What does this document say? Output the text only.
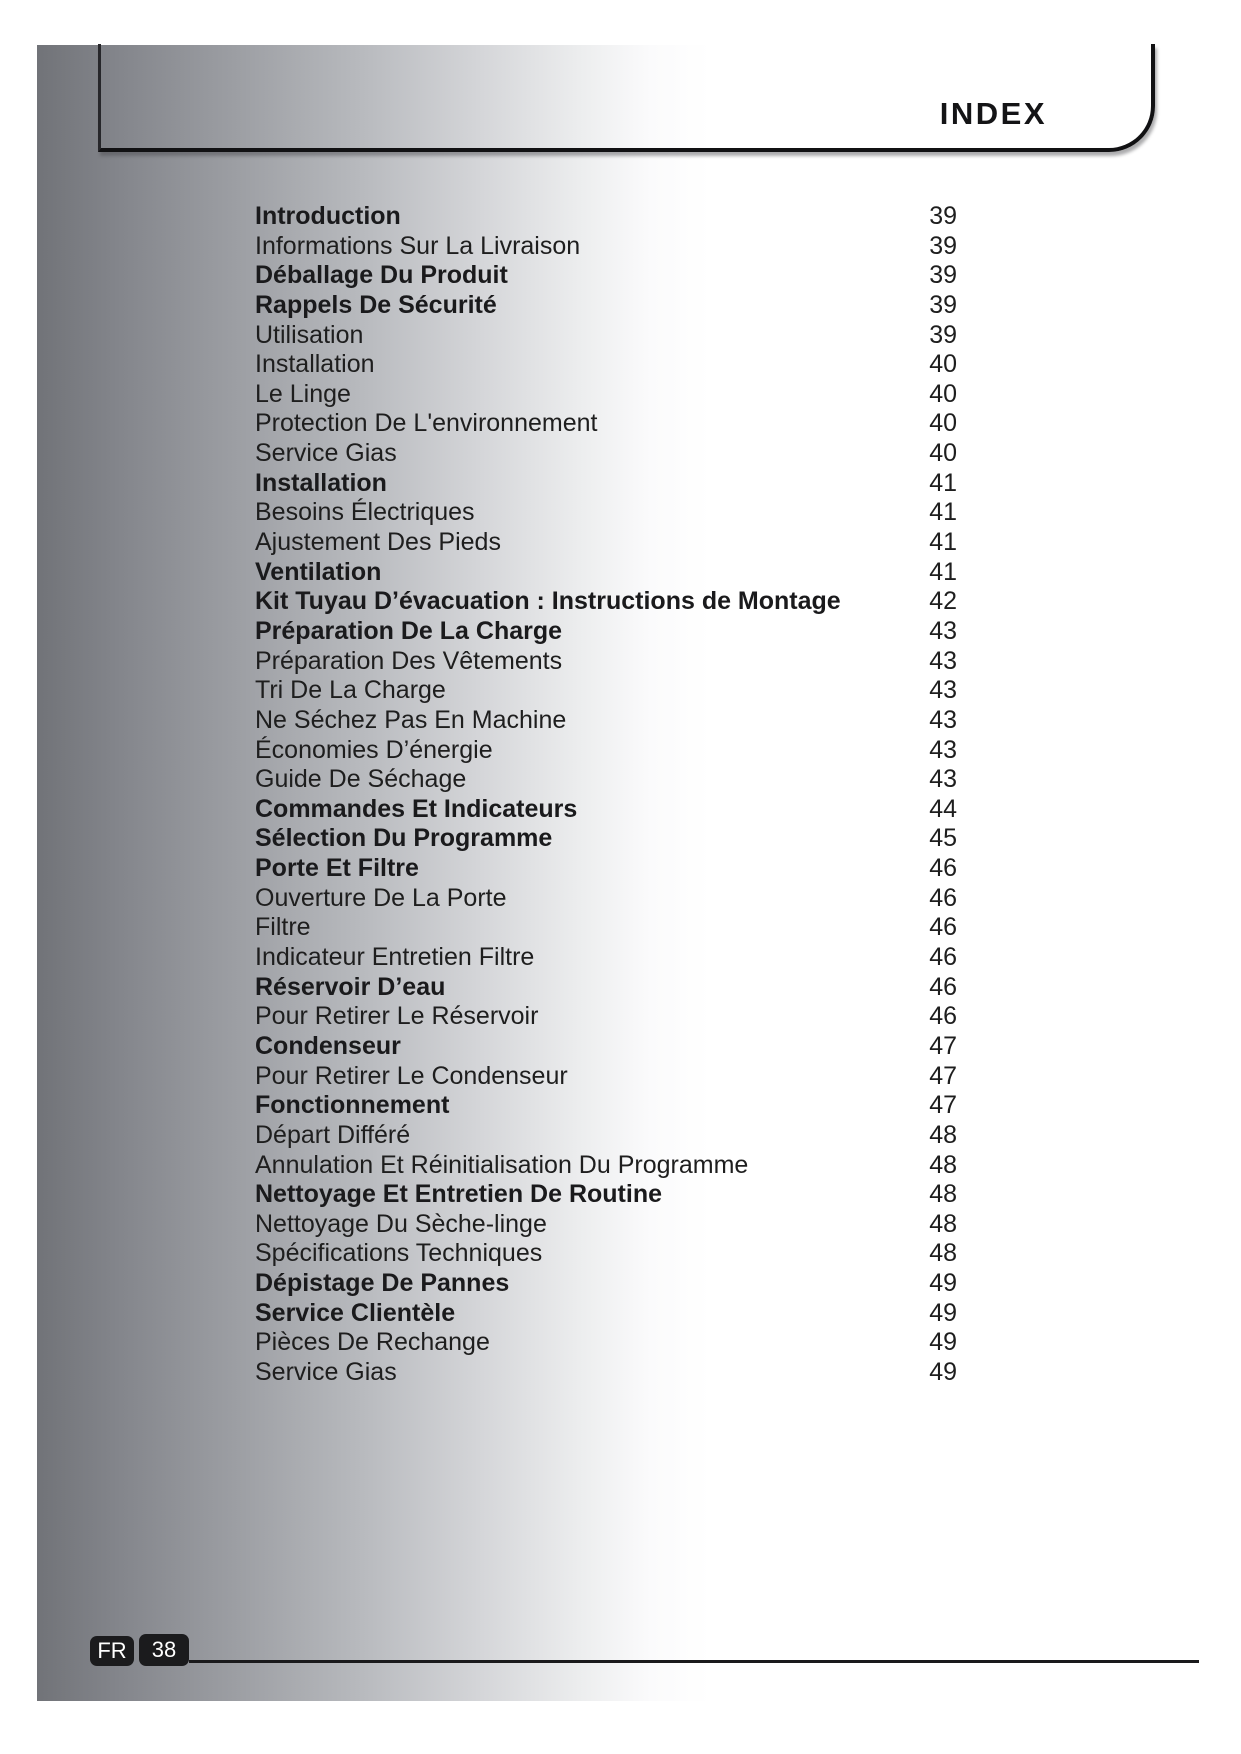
INDEX
Introduction	39
Informations Sur La Livraison	39
Déballage Du Produit	39
Rappels De Sécurité	39
Utilisation	39
Installation	40
Le Linge	40
Protection De L'environnement	40
Service Gias	40
Installation	41
Besoins Électriques	41
Ajustement Des Pieds	41
Ventilation	41
Kit Tuyau D’évacuation : Instructions de Montage	42
Préparation De La Charge	43
Préparation Des Vêtements	43
Tri De La Charge	43
Ne Séchez Pas En Machine	43
Économies D’énergie	43
Guide De Séchage	43
Commandes Et Indicateurs	44
Sélection Du Programme	45
Porte Et Filtre	46
Ouverture De La Porte	46
Filtre	46
Indicateur Entretien Filtre	46
Réservoir D’eau	46
Pour Retirer Le Réservoir	46
Condenseur	47
Pour Retirer Le Condenseur	47
Fonctionnement	47
Départ Différé	48
Annulation Et Réinitialisation Du Programme	48
Nettoyage Et Entretien De Routine	48
Nettoyage Du Sèche-linge	48
Spécifications Techniques	48
Dépistage De Pannes	49
Service Clientèle	49
Pièces De Rechange	49
Service Gias	49
FR	38
